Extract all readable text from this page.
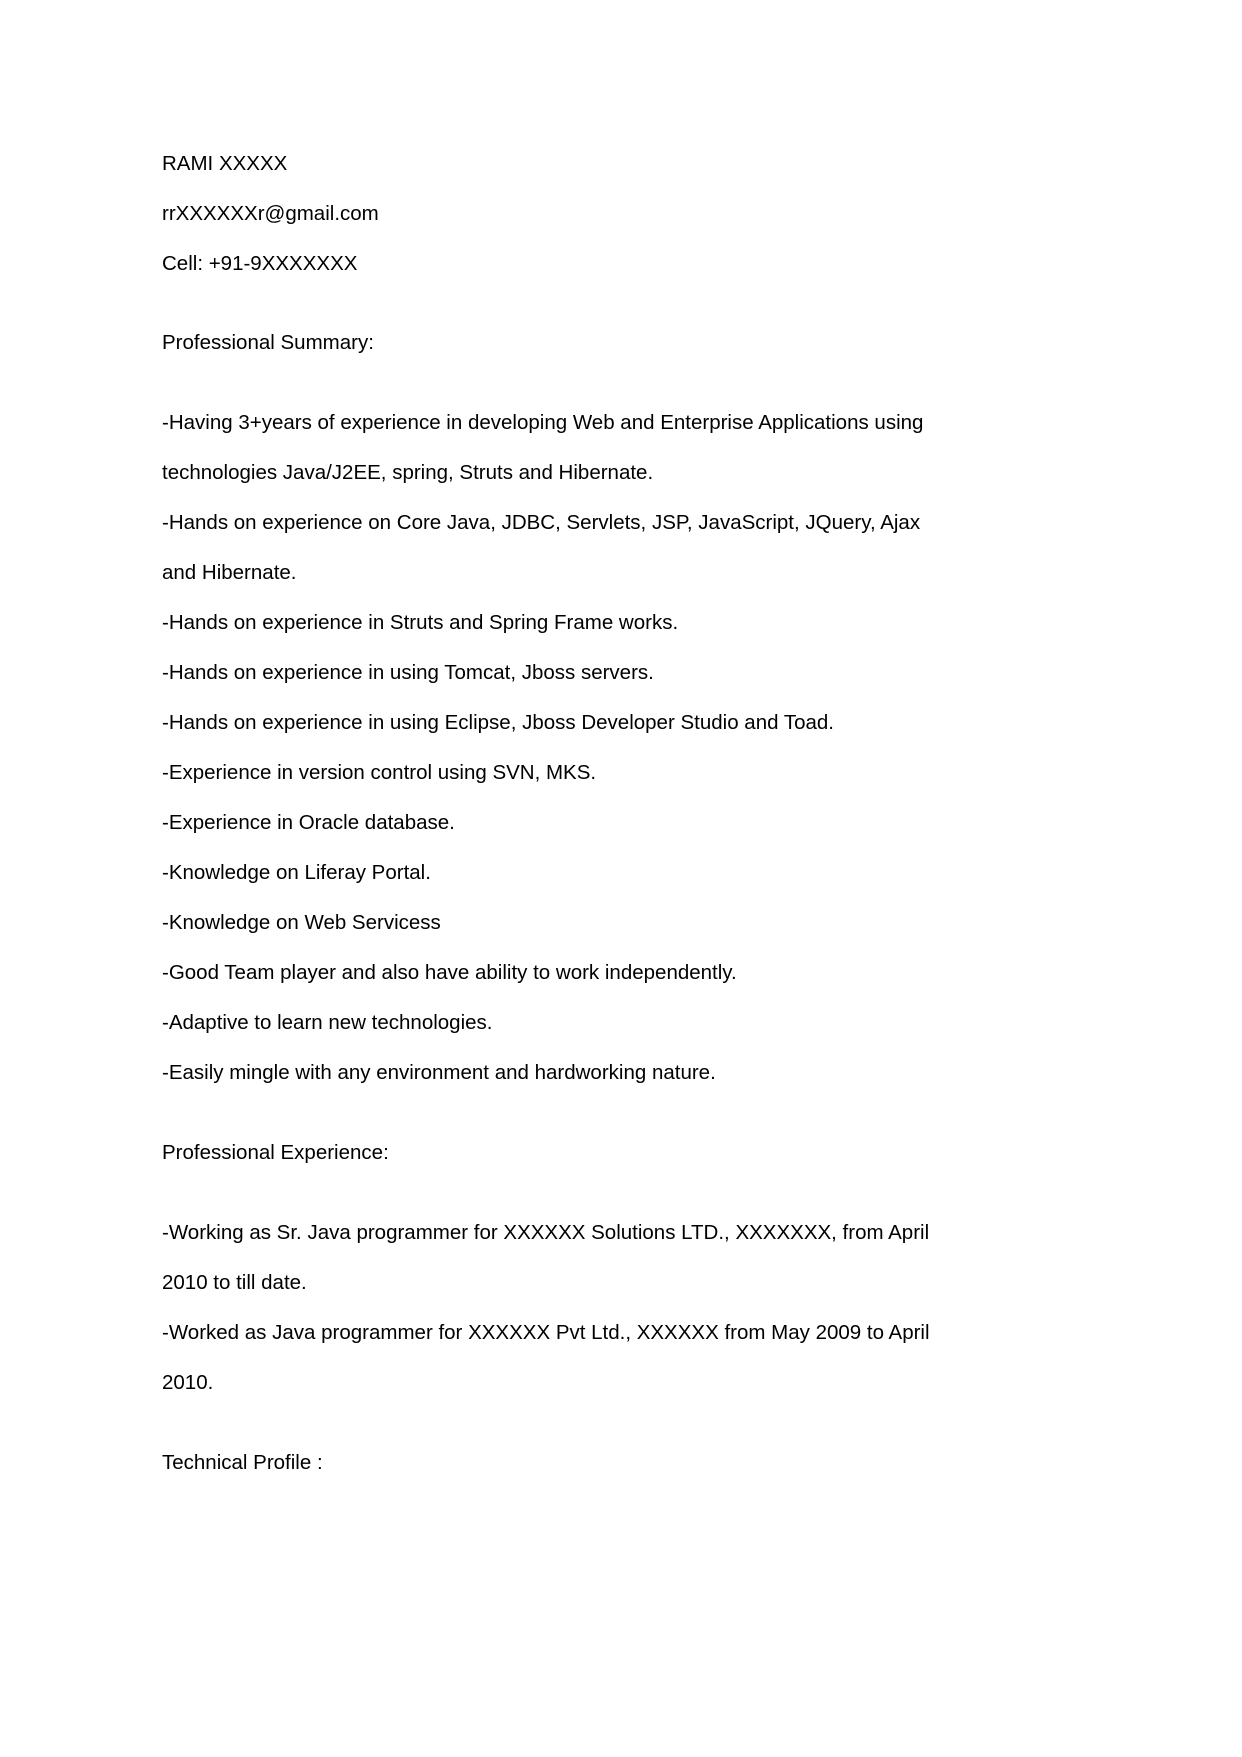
RAMI XXXXX
rrXXXXXXr@gmail.com
Cell: +91-9XXXXXXX
Professional Summary:
-Having 3+years of experience in developing Web and Enterprise Applications using
technologies Java/J2EE, spring, Struts and Hibernate.
-Hands on experience on Core Java, JDBC, Servlets, JSP, JavaScript, JQuery, Ajax
and Hibernate.
-Hands on experience in Struts and Spring Frame works.
-Hands on experience in using Tomcat, Jboss servers.
-Hands on experience in using Eclipse, Jboss Developer Studio and Toad.
-Experience in version control using SVN, MKS.
-Experience in Oracle database.
-Knowledge on Liferay Portal.
-Knowledge on Web Servicess
-Good Team player and also have ability to work independently.
-Adaptive to learn new technologies.
-Easily mingle with any environment and hardworking nature.
Professional Experience:
-Working as Sr. Java programmer for XXXXXX Solutions LTD., XXXXXXX, from April
2010 to till date.
-Worked as Java programmer for XXXXXX Pvt Ltd., XXXXXX from May 2009 to April
2010.
Technical Profile :
